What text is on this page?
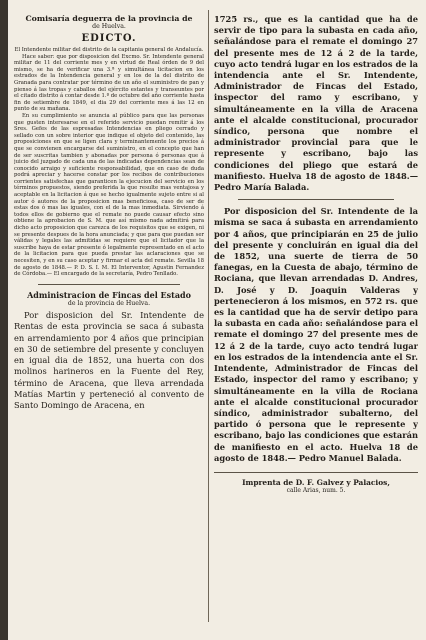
Comisaría deguerra de la provincia de
de Huelva.
EDICTO.

El Intendente militar del distrito de la capitania general de Andalucía.

Hace saber: que por disposicion del Excmo. Sr. Intendente general militar de 11 del corriente mes y en virtud de Real órden de 9 del mismo, se ha de verificar una 3.ª y simultánea licitacion en los estrados de la Intendencia general y en los de la del distrito de Granada para contratar por término de un año el suministro de pan y pienso á las tropas y caballos del ejército estantes y transeuntes por el citado distrito á contar desde 1.º de octubre del año corriente hasta fin de setiembre de 1849, el dia 29 del corriente mes á las 12 en punto de su mañana.

En su cumplimiento se anuncia al público para que las personas que gusten interesarse en el referido servicio puedan remitir á los Sres. Gefes de las espresadas Intendencias en pliego cerrado y sellado con un sobre interior que indique el objeto del contenido, las proposiciones en que se ligen clara y terminantemente los precios á que se convienen encargarse del suministro, en el concepto que han de ser suscritas tambien y abonadas por persona ó personas que á juicio del juzgado de cada una de las indicadas dependencias sean de conocido arraigo y suficiente responsabilidad, que en caso de duda podrá apreciar y hacerse constar por los recibos de contribuciones corrientes satisfechas que garanticen la ejecucion del servicio en los términos propuestos, siendo preferida la que resulte mas ventajosa y aceptable en la licitacion á que se hecho igualmente sujeto entre si al autor ó autores de la proposicion mas beneficiosa, caso de ser de estas dos ó mas las iguales, con el de la mas inmediata. Sirviendo á todos ellos de gobierno que el remate no puede causar efecto sino obtiene la aprobacion de S. M. que así mismo nada admitirá para dicho acto proposicion que carezca de los requisitos que se exigen, ni se presente despues de la hora anunciada; y que para que puedan ser válidas y legales las admitidas se requiere que el licitador que la suscribe haya de estar presente ó legalmente representado en el acto de la licitacion para que pueda prestar las aclaraciones que se necesiten, y en su caso aceptar y firmar el acta del remate. Sevilla 18 de agosto de 1848.— P. D. S. I. M. El Interventor, Agustin Fernandez de Córdoba.— El encargado de la secretaría, Pedro Tenllado.

Administracion de Fincas del Estado
de la provincia de Huelva.

Por disposicion del Sr. Intendente de Rentas de esta provincia se saca á subasta en arrendamiento por 4 años que principian en 30 de setiembre del presente y concluyen en igual dia de 1852, una huerta con dos molinos harineros en la Fuente del Rey, término de Aracena, que lleva arrendada Matías Martin y perteneció al convento de Santo Domingo de Aracena, en

1725 rs., que es la cantidad que ha de servir de tipo para la subasta en cada año, señalándose para el remate el domingo 27 del presente mes de 12 á 2 de la tarde, cuyo acto tendrá lugar en los estrados de la intendencia ante el Sr. Intendente, Administrador de Fincas del Estado, inspector del ramo y escribano, y simultáneamente en la villa de Aracena ante el alcalde constitucional, procurador síndico, persona que nombre el administrador provincial para que le represente y escribano, bajo las condiciones del pliego que estará de manifiesto. Huelva 18 de agosto de 1848.—Pedro María Balada.

Por disposicion del Sr. Intendente de la misma se saca á subasta en arrendamiento por 4 años, que principiarán en 25 de julio del presente y concluirán en igual dia del de 1852, una suerte de tierra de 50 fanegas, en la Cuesta de abajo, término de Rociana, que llevan arrendadas D. Andres, D. José y D. Joaquin Valderas y pertenecieron á los mismos, en 572 rs. que es la cantidad que ha de servir detipo para la subasta en cada año: señalándose para el remate el domingo 27 del presente mes de 12 á 2 de la tarde, cuyo acto tendrá lugar en los estrados de la intendencia ante el Sr. Intendente, Administrador de Fincas del Estado, inspector del ramo y escribano; y simultáneamente en la villa de Rociana ante el alcalde constitucional procurador síndico, administrador subalterno, del partido ó persona que le represente y escribano, bajo las condiciones que estarán de manifiesto en el acto. Huelva 18 de agosto de 1848.— Pedro Manuel Balada.

Imprenta de D. F. Galvez y Palacios,
calle Arias, num. 5.
